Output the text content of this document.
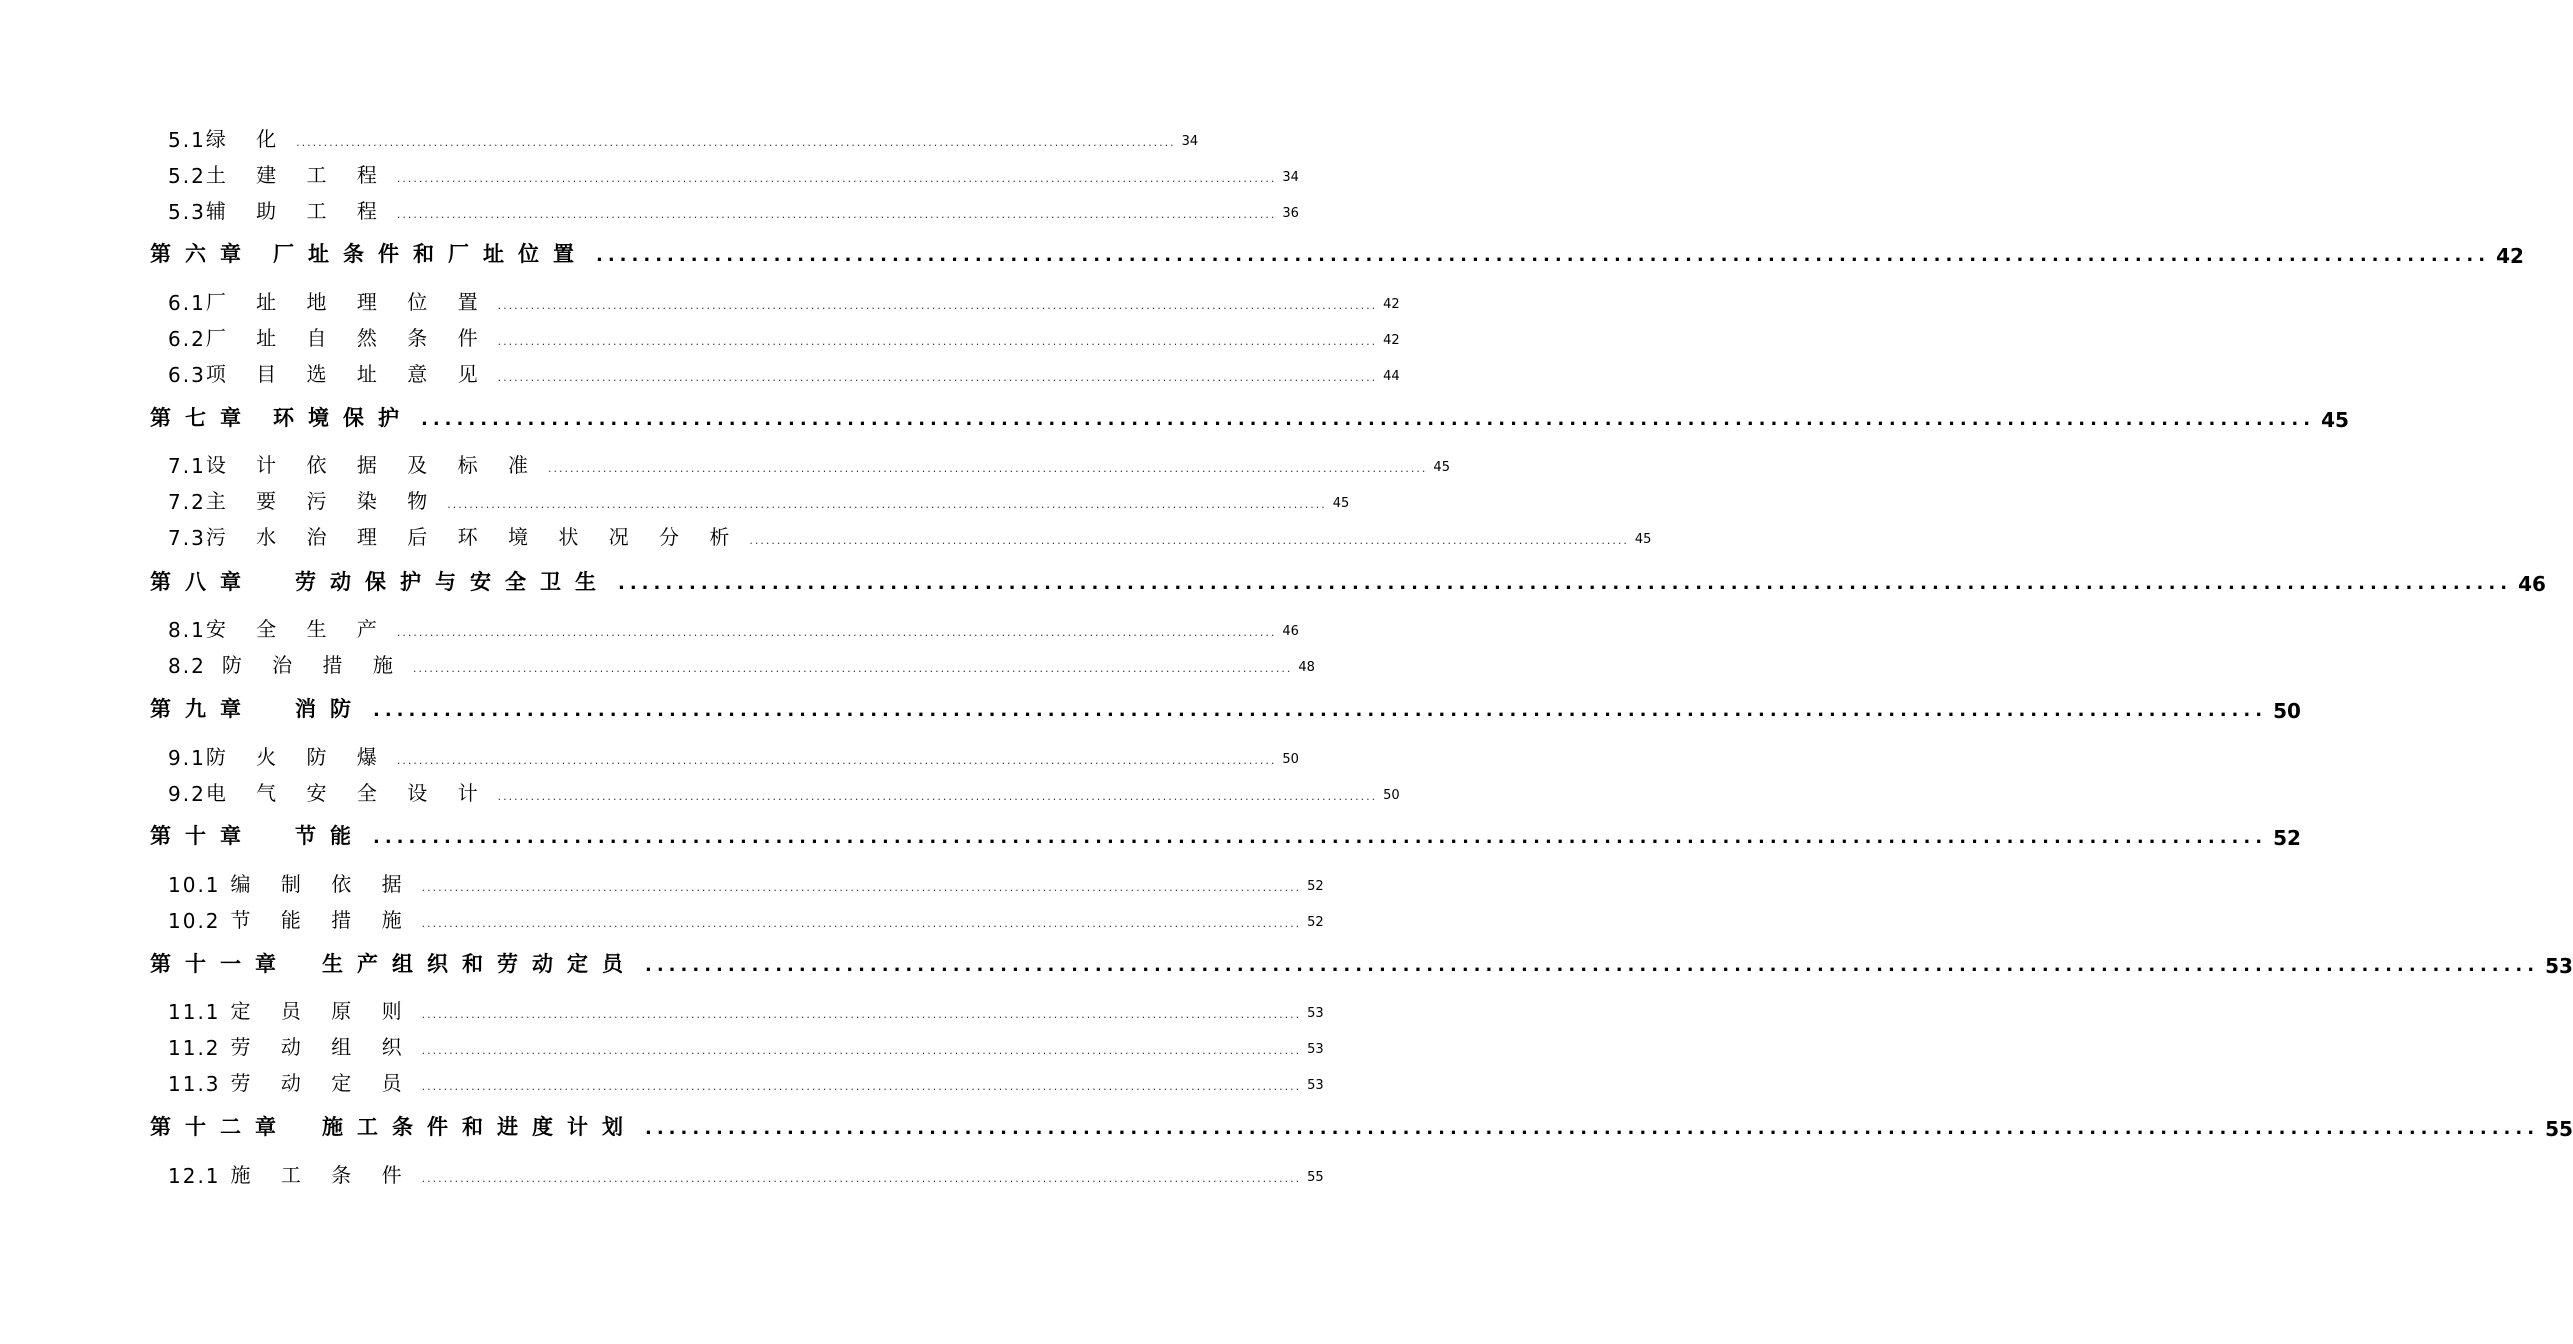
5.1 绿 化 ................................................................................................................................................................ 34
5.2 土 建 工 程 ................................................................................................................................................................ 34
5.3 辅 助 工 程 ................................................................................................................................................................ 36
第六章 厂址条件和厂址位置 ................................................................................................................................................................ 42
6.1 厂 址 地 理 位 置 ................................................................................................................................................................ 42
6.2 厂 址 自 然 条 件 ................................................................................................................................................................ 42
6.3 项 目 选 址 意 见 ................................................................................................................................................................ 44
第七章 环境保护 ................................................................................................................................................................ 45
7.1 设 计 依 据 及 标 准 ................................................................................................................................................................ 45
7.2 主 要 污 染 物 ................................................................................................................................................................ 45
7.3 污 水 治 理 后 环 境 状 况 分 析 ................................................................................................................................................................ 45
第八章 劳动保护与安全卫生 ................................................................................................................................................................ 46
8.1 安 全 生 产 ................................................................................................................................................................ 46
8.2 防 治 措 施 ................................................................................................................................................................ 48
第九章 消防 ................................................................................................................................................................ 50
9.1 防 火 防 爆 ................................................................................................................................................................ 50
9.2 电 气 安 全 设 计 ................................................................................................................................................................ 50
第十章 节能 ................................................................................................................................................................ 52
10.1 编 制 依 据 ................................................................................................................................................................ 52
10.2 节 能 措 施 ................................................................................................................................................................ 52
第十一章 生产组织和劳动定员 ................................................................................................................................................................ 53
11.1 定 员 原 则 ................................................................................................................................................................ 53
11.2 劳 动 组 织 ................................................................................................................................................................ 53
11.3 劳 动 定 员 ................................................................................................................................................................ 53
第十二章 施工条件和进度计划 ................................................................................................................................................................ 55
12.1 施 工 条 件 ................................................................................................................................................................ 55
